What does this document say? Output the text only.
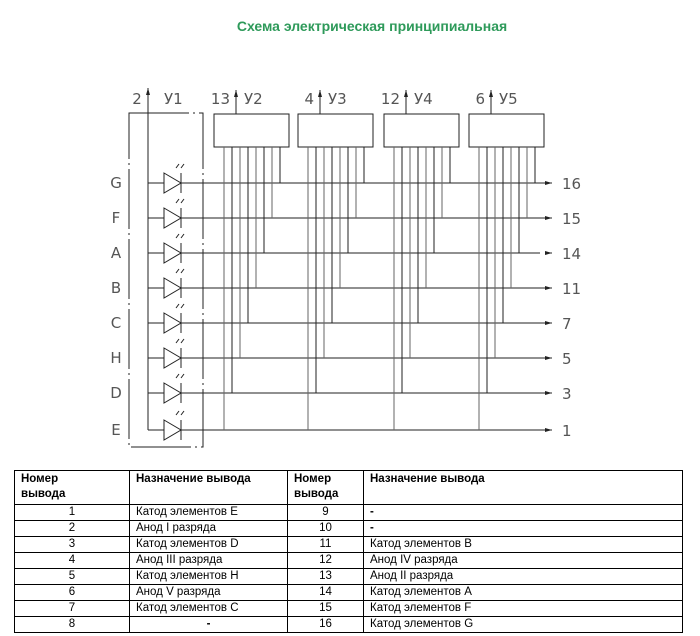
Схема электрическая принципиальная
2 У1
G	16
F	15
A	14
B	11
C	7
H	5
D	3
E	1
13 У2	4 У3 12 У4	6 У5
Номер
вывода	Назначение вывода	Номер
вывода	Назначение вывода
1	Катод элементов E	9	-
2	Анод I разряда	10	-
3	Катод элементов D	11	Катод элементов B
4	Анод III разряда	12	Анод IV разряда
5	Катод элементов H	13	Анод II разряда
6	Анод V разряда	14	Катод элементов A
7	Катод элементов C	15	Катод элементов F
8	-	16	Катод элементов G
